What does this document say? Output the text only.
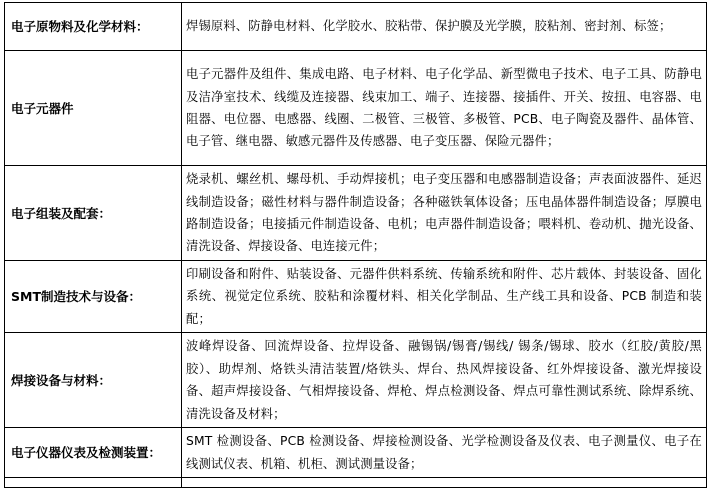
电子原物料及化学材料：	焊锡原料、防静电材料、化学胶水、胶粘带、保护膜及光学膜，胶粘剂、密封剂、标签；
电子元器件	电子元器件及组件、集成电路、电子材料、电子化学品、新型微电子技术、电子工具、防静电及洁净室技术、线缆及连接器、线束加工、端子、连接器、接插件、开关、按扭、电容器、电阻器、电位器、电感器、线圈、二极管、三极管、多极管、PCB、电子陶瓷及器件、晶体管、电子管、继电器、敏感元器件及传感器、电子变压器、保险元器件；
电子组装及配套：	烧录机、螺丝机、螺母机、手动焊接机；电子变压器和电感器制造设备；声表面波器件、延迟线制造设备；磁性材料与器件制造设备；各种磁铁氧体设备；压电晶体器件制造设备；厚膜电路制造设备；电接插元件制造设备、电机；电声器件制造设备；喂料机、卷动机、抛光设备、清洗设备、焊接设备、电连接元件；
SMT制造技术与设备：	印刷设备和附件、贴装设备、元器件供料系统、传输系统和附件、芯片载体、封装设备、固化系统、视觉定位系统、胶粘和涂覆材料、相关化学制品、生产线工具和设备、PCB 制造和装配；
焊接设备与材料：	波峰焊设备、回流焊设备、拉焊设备、融锡锅/锡膏/锡线/ 锡条/锡球、胶水（红胶/黄胶/黑胶）、助焊剂、烙铁头清洁装置/烙铁头、焊台、热风焊接设备、红外焊接设备、激光焊接设备、超声焊接设备、气相焊接设备、焊枪、焊点检测设备、焊点可靠性测试系统、除焊系统、清洗设备及材料；
电子仪器仪表及检测装置：	SMT 检测设备、PCB 检测设备、焊接检测设备、光学检测设备及仪表、电子测量仪、电子在线测试仪表、机箱、机柜、测试测量设备；
